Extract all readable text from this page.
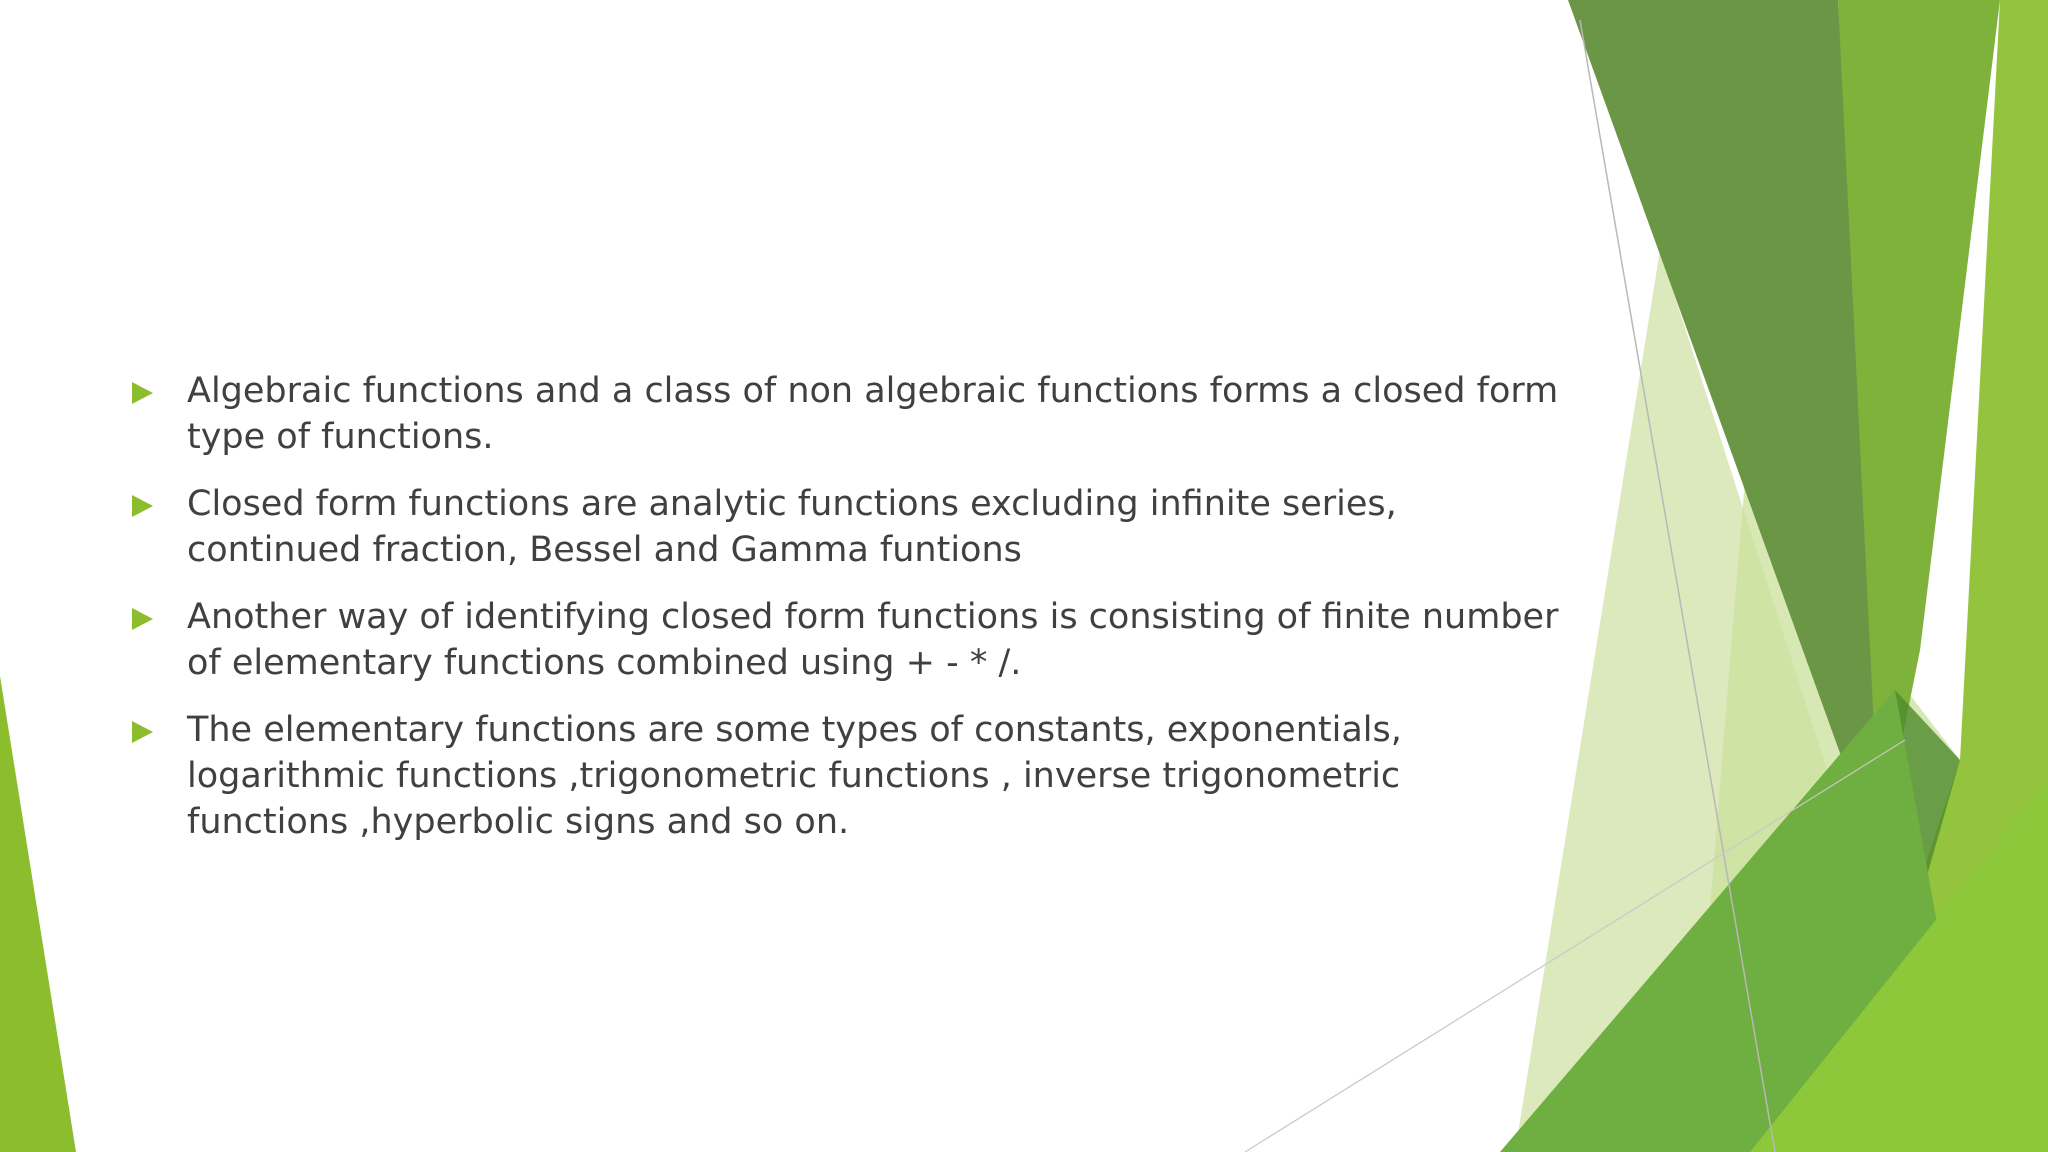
Algebraic functions and a class of non algebraic functions forms a closed form type of functions.
Closed form functions are analytic functions excluding infinite series, continued fraction, Bessel and Gamma funtions
Another way of identifying closed form functions is consisting of finite number of elementary functions combined using + - * /.
The elementary functions are some types of constants, exponentials, logarithmic functions ,trigonometric functions , inverse trigonometric functions ,hyperbolic signs and so on.
